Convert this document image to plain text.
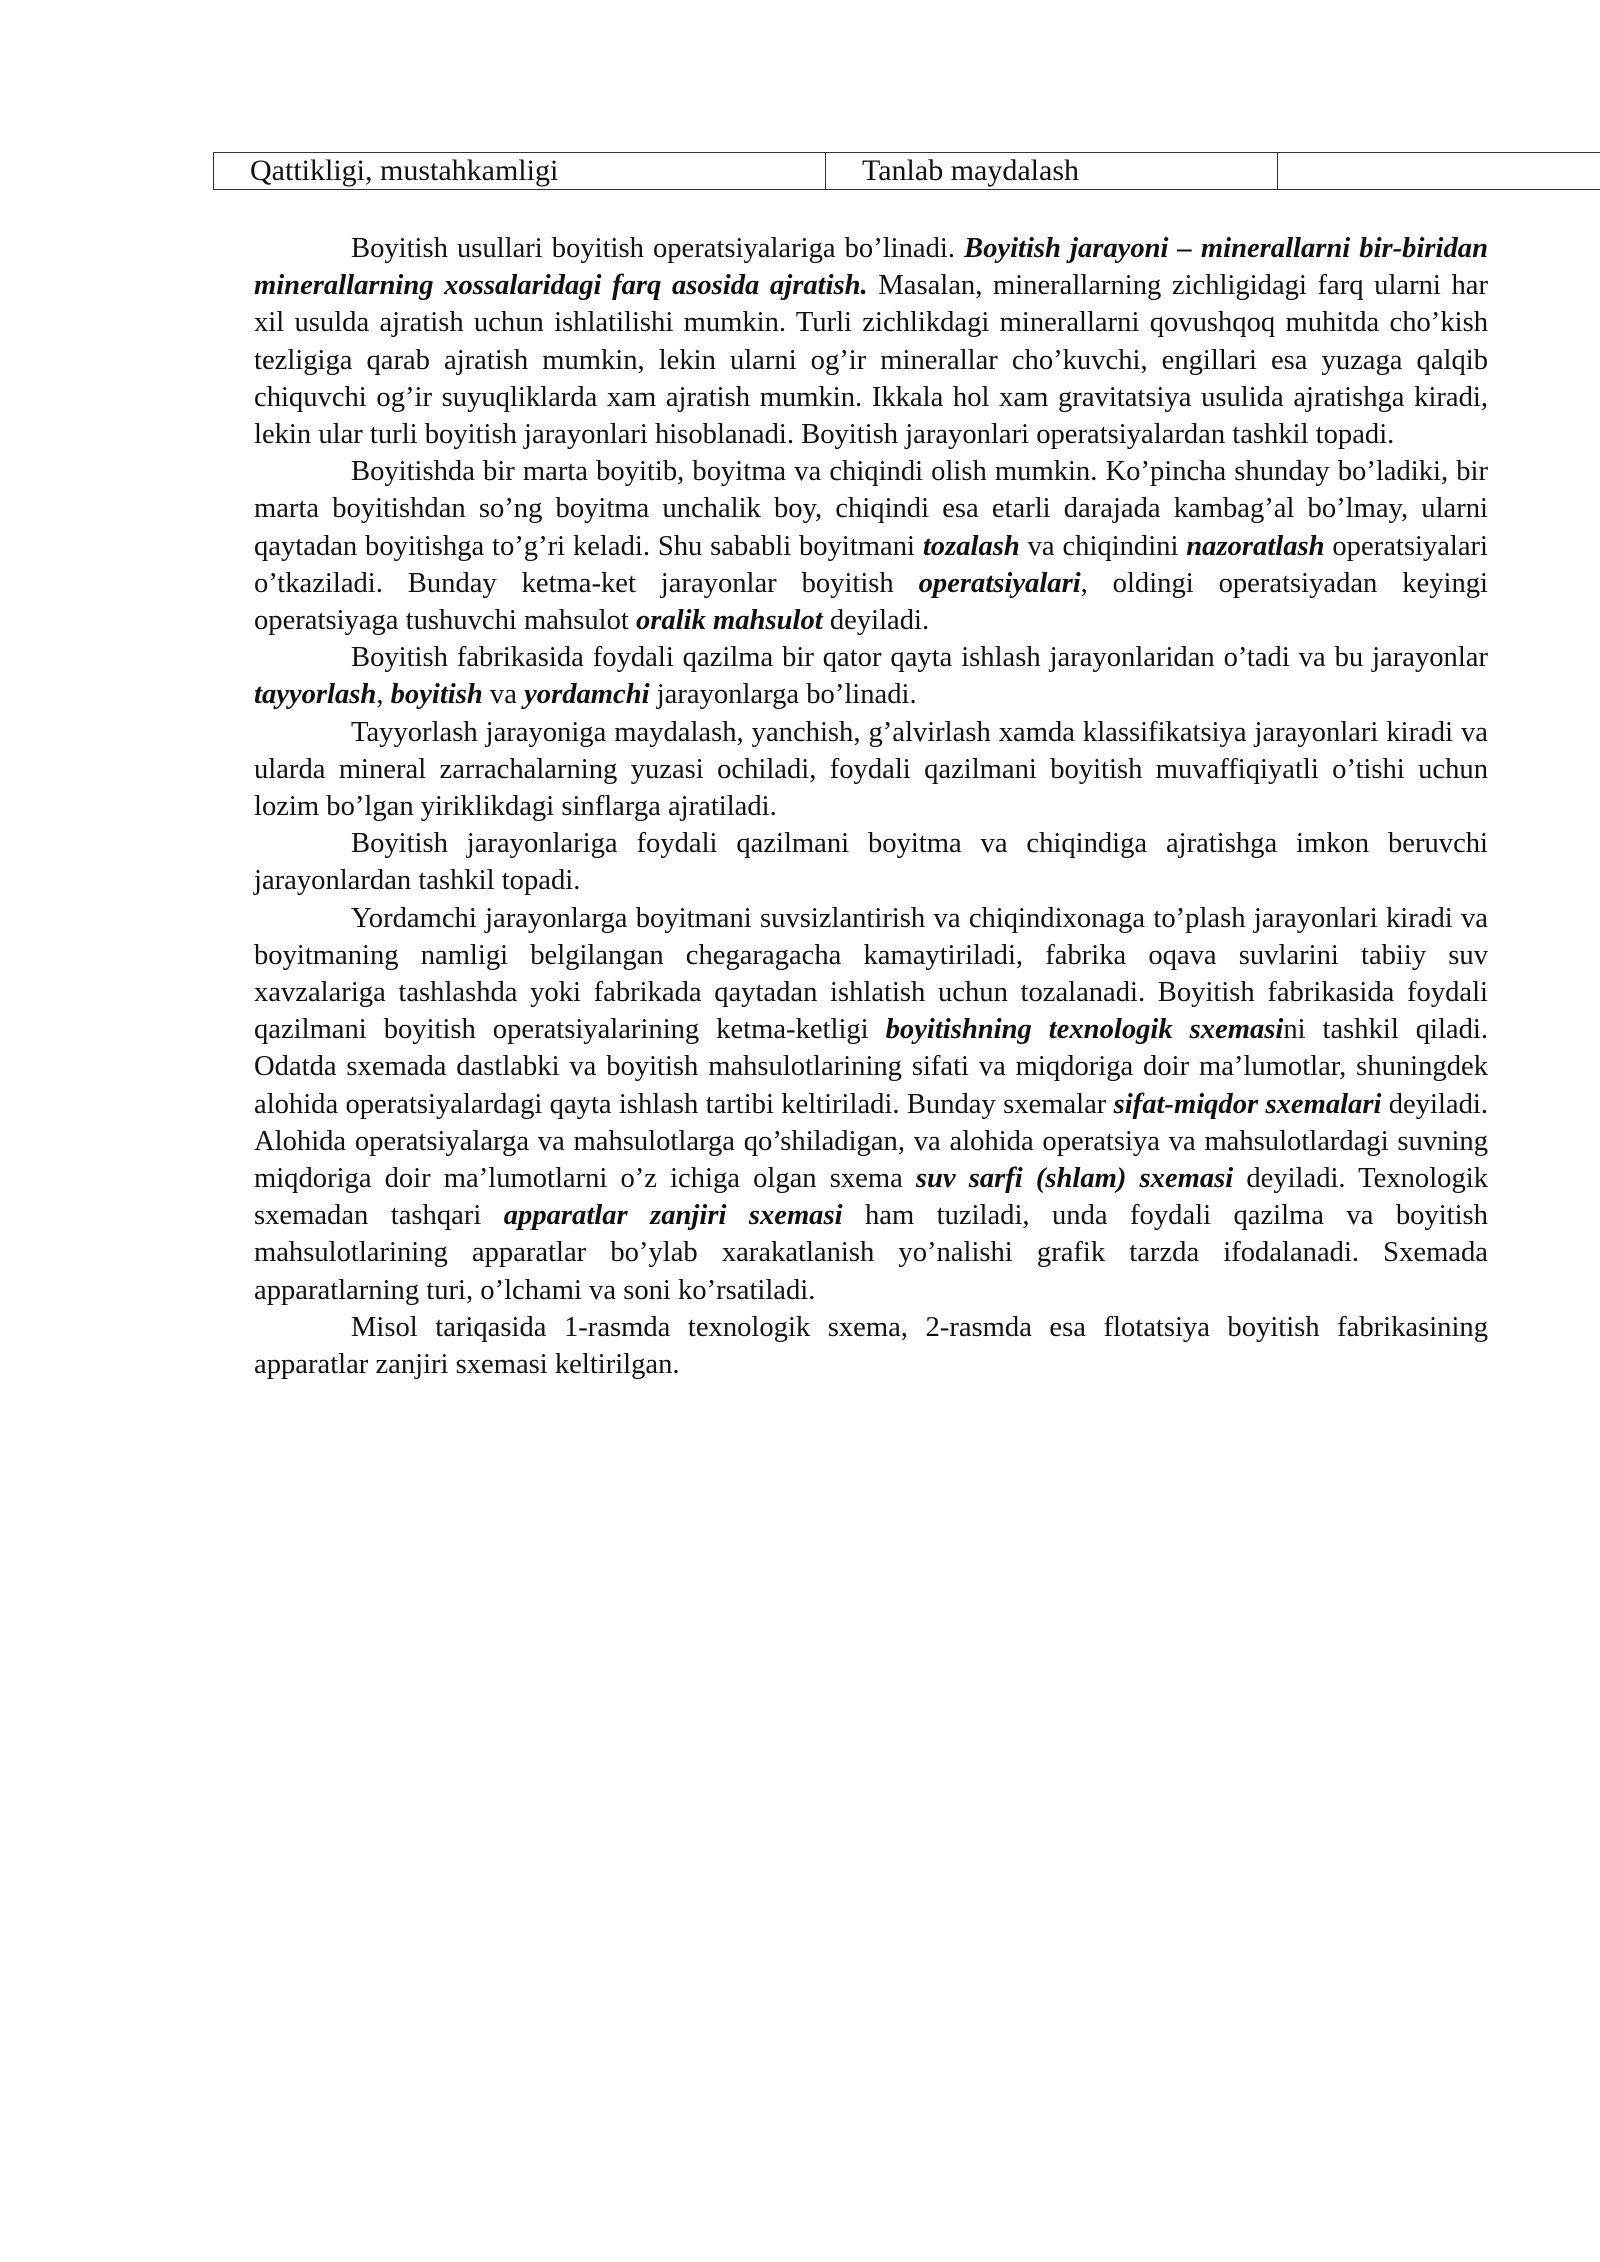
Qattikligi, mustahkamligi	Tanlab maydalash	

Boyitish usullari boyitish operatsiyalariga bo’linadi. Boyitish jarayoni – minerallarni bir-biridan minerallarning xossalaridagi farq asosida ajratish. Masalan, minerallarning zichligidagi farq ularni har xil usulda ajratish uchun ishlatilishi mumkin. Turli zichlikdagi minerallarni qovushqoq muhitda cho’kish tezligiga qarab ajratish mumkin, lekin ularni og’ir minerallar cho’kuvchi, engillari esa yuzaga qalqib chiquvchi og’ir suyuqliklarda xam ajratish mumkin. Ikkala hol xam gravitatsiya usulida ajratishga kiradi, lekin ular turli boyitish jarayonlari hisoblanadi. Boyitish jarayonlari operatsiyalardan tashkil topadi.

Boyitishda bir marta boyitib, boyitma va chiqindi olish mumkin. Ko’pincha shunday bo’ladiki, bir marta boyitishdan so’ng boyitma unchalik boy, chiqindi esa etarli darajada kambag’al bo’lmay, ularni qaytadan boyitishga to’g’ri keladi. Shu sababli boyitmani tozalash va chiqindini nazoratlash operatsiyalari o’tkaziladi. Bunday ketma-ket jarayonlar boyitish operatsiyalari, oldingi operatsiyadan keyingi operatsiyaga tushuvchi mahsulot oralik mahsulot deyiladi.

Boyitish fabrikasida foydali qazilma bir qator qayta ishlash jarayonlaridan o’tadi va bu jarayonlar tayyorlash, boyitish va yordamchi jarayonlarga bo’linadi.

Tayyorlash jarayoniga maydalash, yanchish, g’alvirlash xamda klassifikatsiya jarayonlari kiradi va ularda mineral zarrachalarning yuzasi ochiladi, foydali qazilmani boyitish muvaffiqiyatli o’tishi uchun lozim bo’lgan yiriklikdagi sinflarga ajratiladi.

Boyitish jarayonlariga foydali qazilmani boyitma va chiqindiga ajratishga imkon beruvchi jarayonlardan tashkil topadi.

Yordamchi jarayonlarga boyitmani suvsizlantirish va chiqindixonaga to’plash jarayonlari kiradi va boyitmaning namligi belgilangan chegaragacha kamaytiriladi, fabrika oqava suvlarini tabiiy suv xavzalariga tashlashda yoki fabrikada qaytadan ishlatish uchun tozalanadi. Boyitish fabrikasida foydali qazilmani boyitish operatsiyalarining ketma-ketligi boyitishning texnologik sxemasini tashkil qiladi. Odatda sxemada dastlabki va boyitish mahsulotlarining sifati va miqdoriga doir ma’lumotlar, shuningdek alohida operatsiyalardagi qayta ishlash tartibi keltiriladi. Bunday sxemalar sifat-miqdor sxemalari deyiladi. Alohida operatsiyalarga va mahsulotlarga qo’shiladigan, va alohida operatsiya va mahsulotlardagi suvning miqdoriga doir ma’lumotlarni o’z ichiga olgan sxema suv sarfi (shlam) sxemasi deyiladi. Texnologik sxemadan tashqari apparatlar zanjiri sxemasi ham tuziladi, unda foydali qazilma va boyitish mahsulotlarining apparatlar bo’ylab xarakatlanish yo’nalishi grafik tarzda ifodalanadi. Sxemada apparatlarning turi, o’lchami va soni ko’rsatiladi.

Misol tariqasida 1-rasmda texnologik sxema, 2-rasmda esa flotatsiya boyitish fabrikasining apparatlar zanjiri sxemasi keltirilgan.
